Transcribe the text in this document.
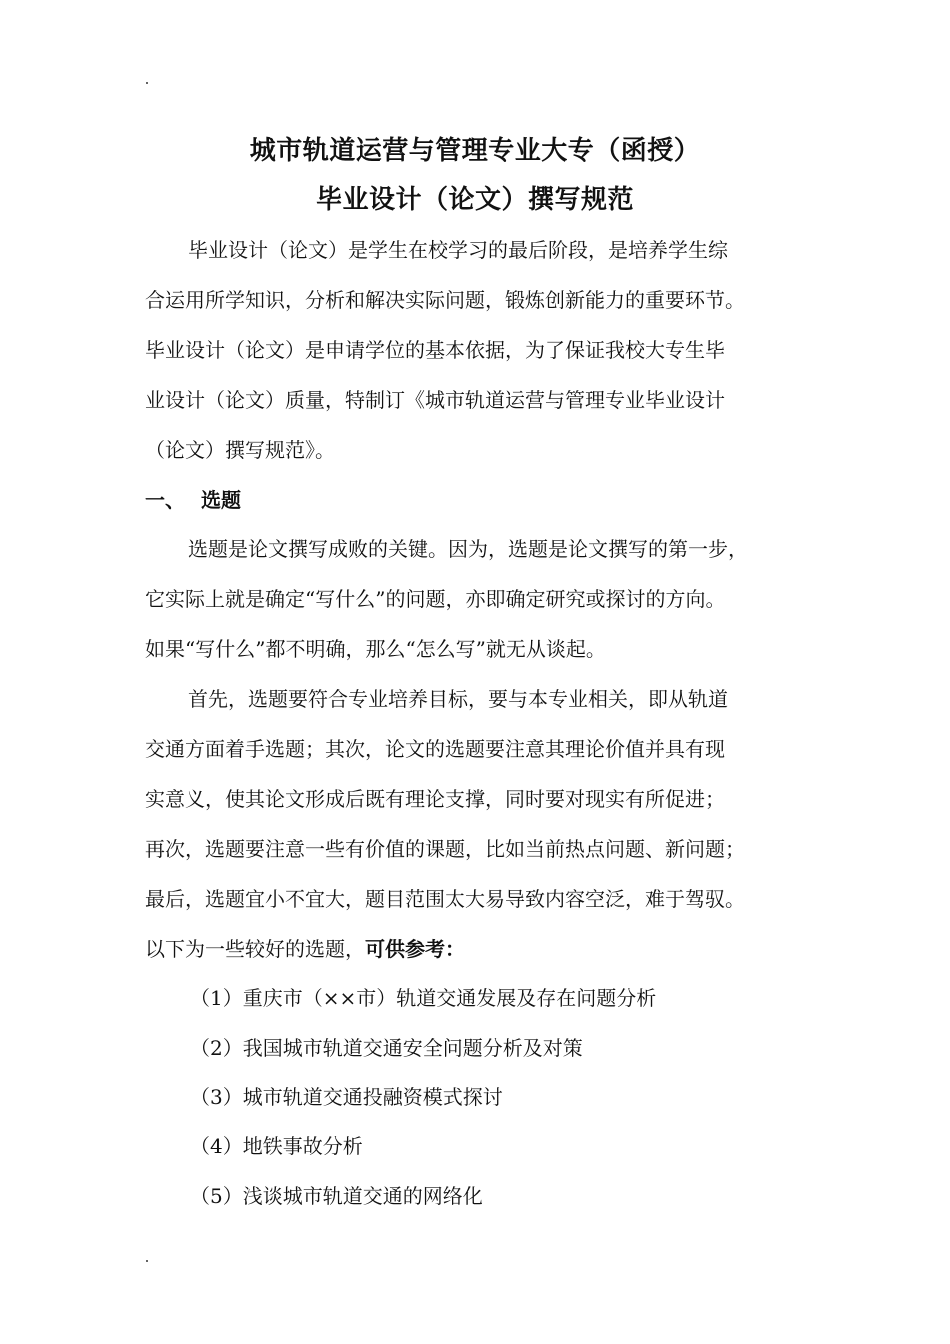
城市轨道运营与管理专业大专（函授）
毕业设计（论文）撰写规范

毕业设计（论文）是学生在校学习的最后阶段，是培养学生综

合运用所学知识，分析和解决实际问题，锻炼创新能力的重要环节。

毕业设计（论文）是申请学位的基本依据，为了保证我校大专生毕

业设计（论文）质量，特制订《城市轨道运营与管理专业毕业设计

（论文）撰写规范》。

一、 选题

选题是论文撰写成败的关键。因为，选题是论文撰写的第一步，

它实际上就是确定“写什么”的问题，亦即确定研究或探讨的方向。

如果“写什么”都不明确，那么“怎么写”就无从谈起。

首先，选题要符合专业培养目标，要与本专业相关，即从轨道

交通方面着手选题；其次，论文的选题要注意其理论价值并具有现

实意义，使其论文形成后既有理论支撑，同时要对现实有所促进；

再次，选题要注意一些有价值的课题，比如当前热点问题、新问题；

最后，选题宜小不宜大，题目范围太大易导致内容空泛，难于驾驭。

以下为一些较好的选题，可供参考：

（1）重庆市（××市）轨道交通发展及存在问题分析

（2）我国城市轨道交通安全问题分析及对策

（3）城市轨道交通投融资模式探讨

（4）地铁事故分析

（5）浅谈城市轨道交通的网络化
